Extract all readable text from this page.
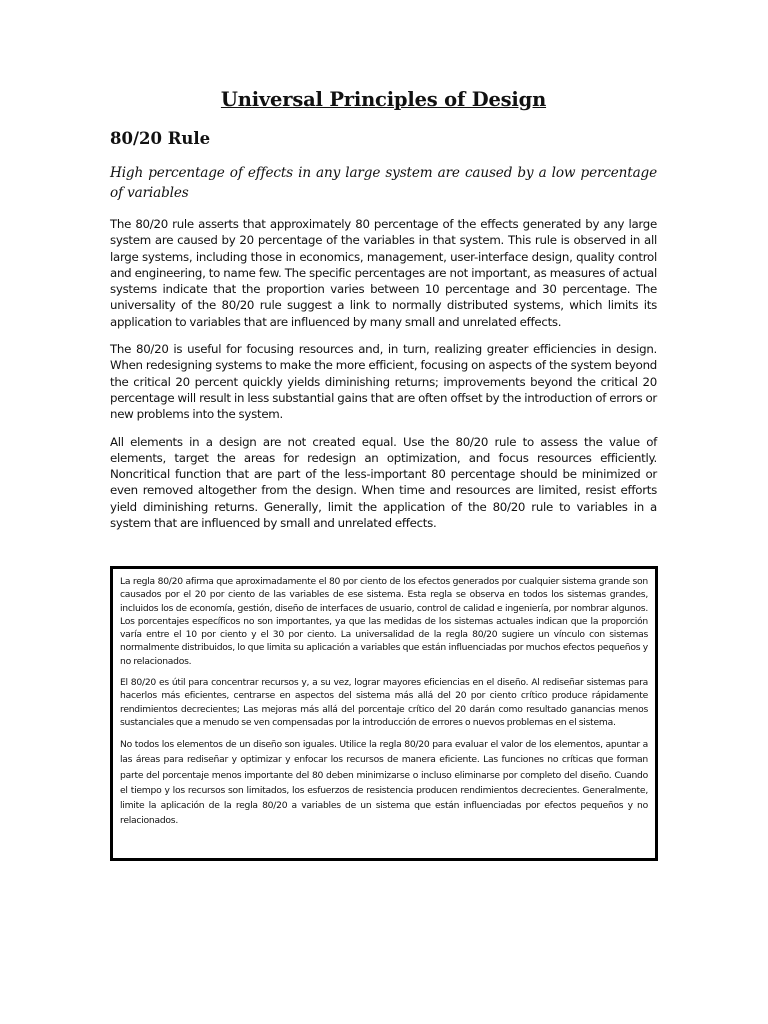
Universal Principles of Design
80/20 Rule

High percentage of effects in any large system are caused by a low percentage of variables

The 80/20 rule asserts that approximately 80 percentage of the effects generated by any large system are caused by 20 percentage of the variables in that system. This rule is observed in all large systems, including those in economics, management, user-interface design, quality control and engineering, to name few. The specific percentages are not important, as measures of actual systems indicate that the proportion varies between 10 percentage and 30 percentage. The universality of the 80/20 rule suggest a link to normally distributed systems, which limits its application to variables that are influenced by many small and unrelated effects.

The 80/20 is useful for focusing resources and, in turn, realizing greater efficiencies in design. When redesigning systems to make the more efficient, focusing on aspects of the system beyond the critical 20 percent quickly yields diminishing returns; improvements beyond the critical 20 percentage will result in less substantial gains that are often offset by the introduction of errors or new problems into the system.

All elements in a design are not created equal. Use the 80/20 rule to assess the value of elements, target the areas for redesign an optimization, and focus resources efficiently. Noncritical function that are part of the less-important 80 percentage should be minimized or even removed altogether from the design. When time and resources are limited, resist efforts yield diminishing returns. Generally, limit the application of the 80/20 rule to variables in a system that are influenced by small and unrelated effects.

La regla 80/20 afirma que aproximadamente el 80 por ciento de los efectos generados por cualquier sistema grande son causados por el 20 por ciento de las variables de ese sistema. Esta regla se observa en todos los sistemas grandes, incluidos los de economía, gestión, diseño de interfaces de usuario, control de calidad e ingeniería, por nombrar algunos. Los porcentajes específicos no son importantes, ya que las medidas de los sistemas actuales indican que la proporción varía entre el 10 por ciento y el 30 por ciento. La universalidad de la regla 80/20 sugiere un vínculo con sistemas normalmente distribuidos, lo que limita su aplicación a variables que están influenciadas por muchos efectos pequeños y no relacionados.

El 80/20 es útil para concentrar recursos y, a su vez, lograr mayores eficiencias en el diseño. Al rediseñar sistemas para hacerlos más eficientes, centrarse en aspectos del sistema más allá del 20 por ciento crítico produce rápidamente rendimientos decrecientes; Las mejoras más allá del porcentaje crítico del 20 darán como resultado ganancias menos sustanciales que a menudo se ven compensadas por la introducción de errores o nuevos problemas en el sistema.

No todos los elementos de un diseño son iguales. Utilice la regla 80/20 para evaluar el valor de los elementos, apuntar a las áreas para rediseñar y optimizar y enfocar los recursos de manera eficiente. Las funciones no críticas que forman parte del porcentaje menos importante del 80 deben minimizarse o incluso eliminarse por completo del diseño. Cuando el tiempo y los recursos son limitados, los esfuerzos de resistencia producen rendimientos decrecientes. Generalmente, limite la aplicación de la regla 80/20 a variables de un sistema que están influenciadas por efectos pequeños y no relacionados.
